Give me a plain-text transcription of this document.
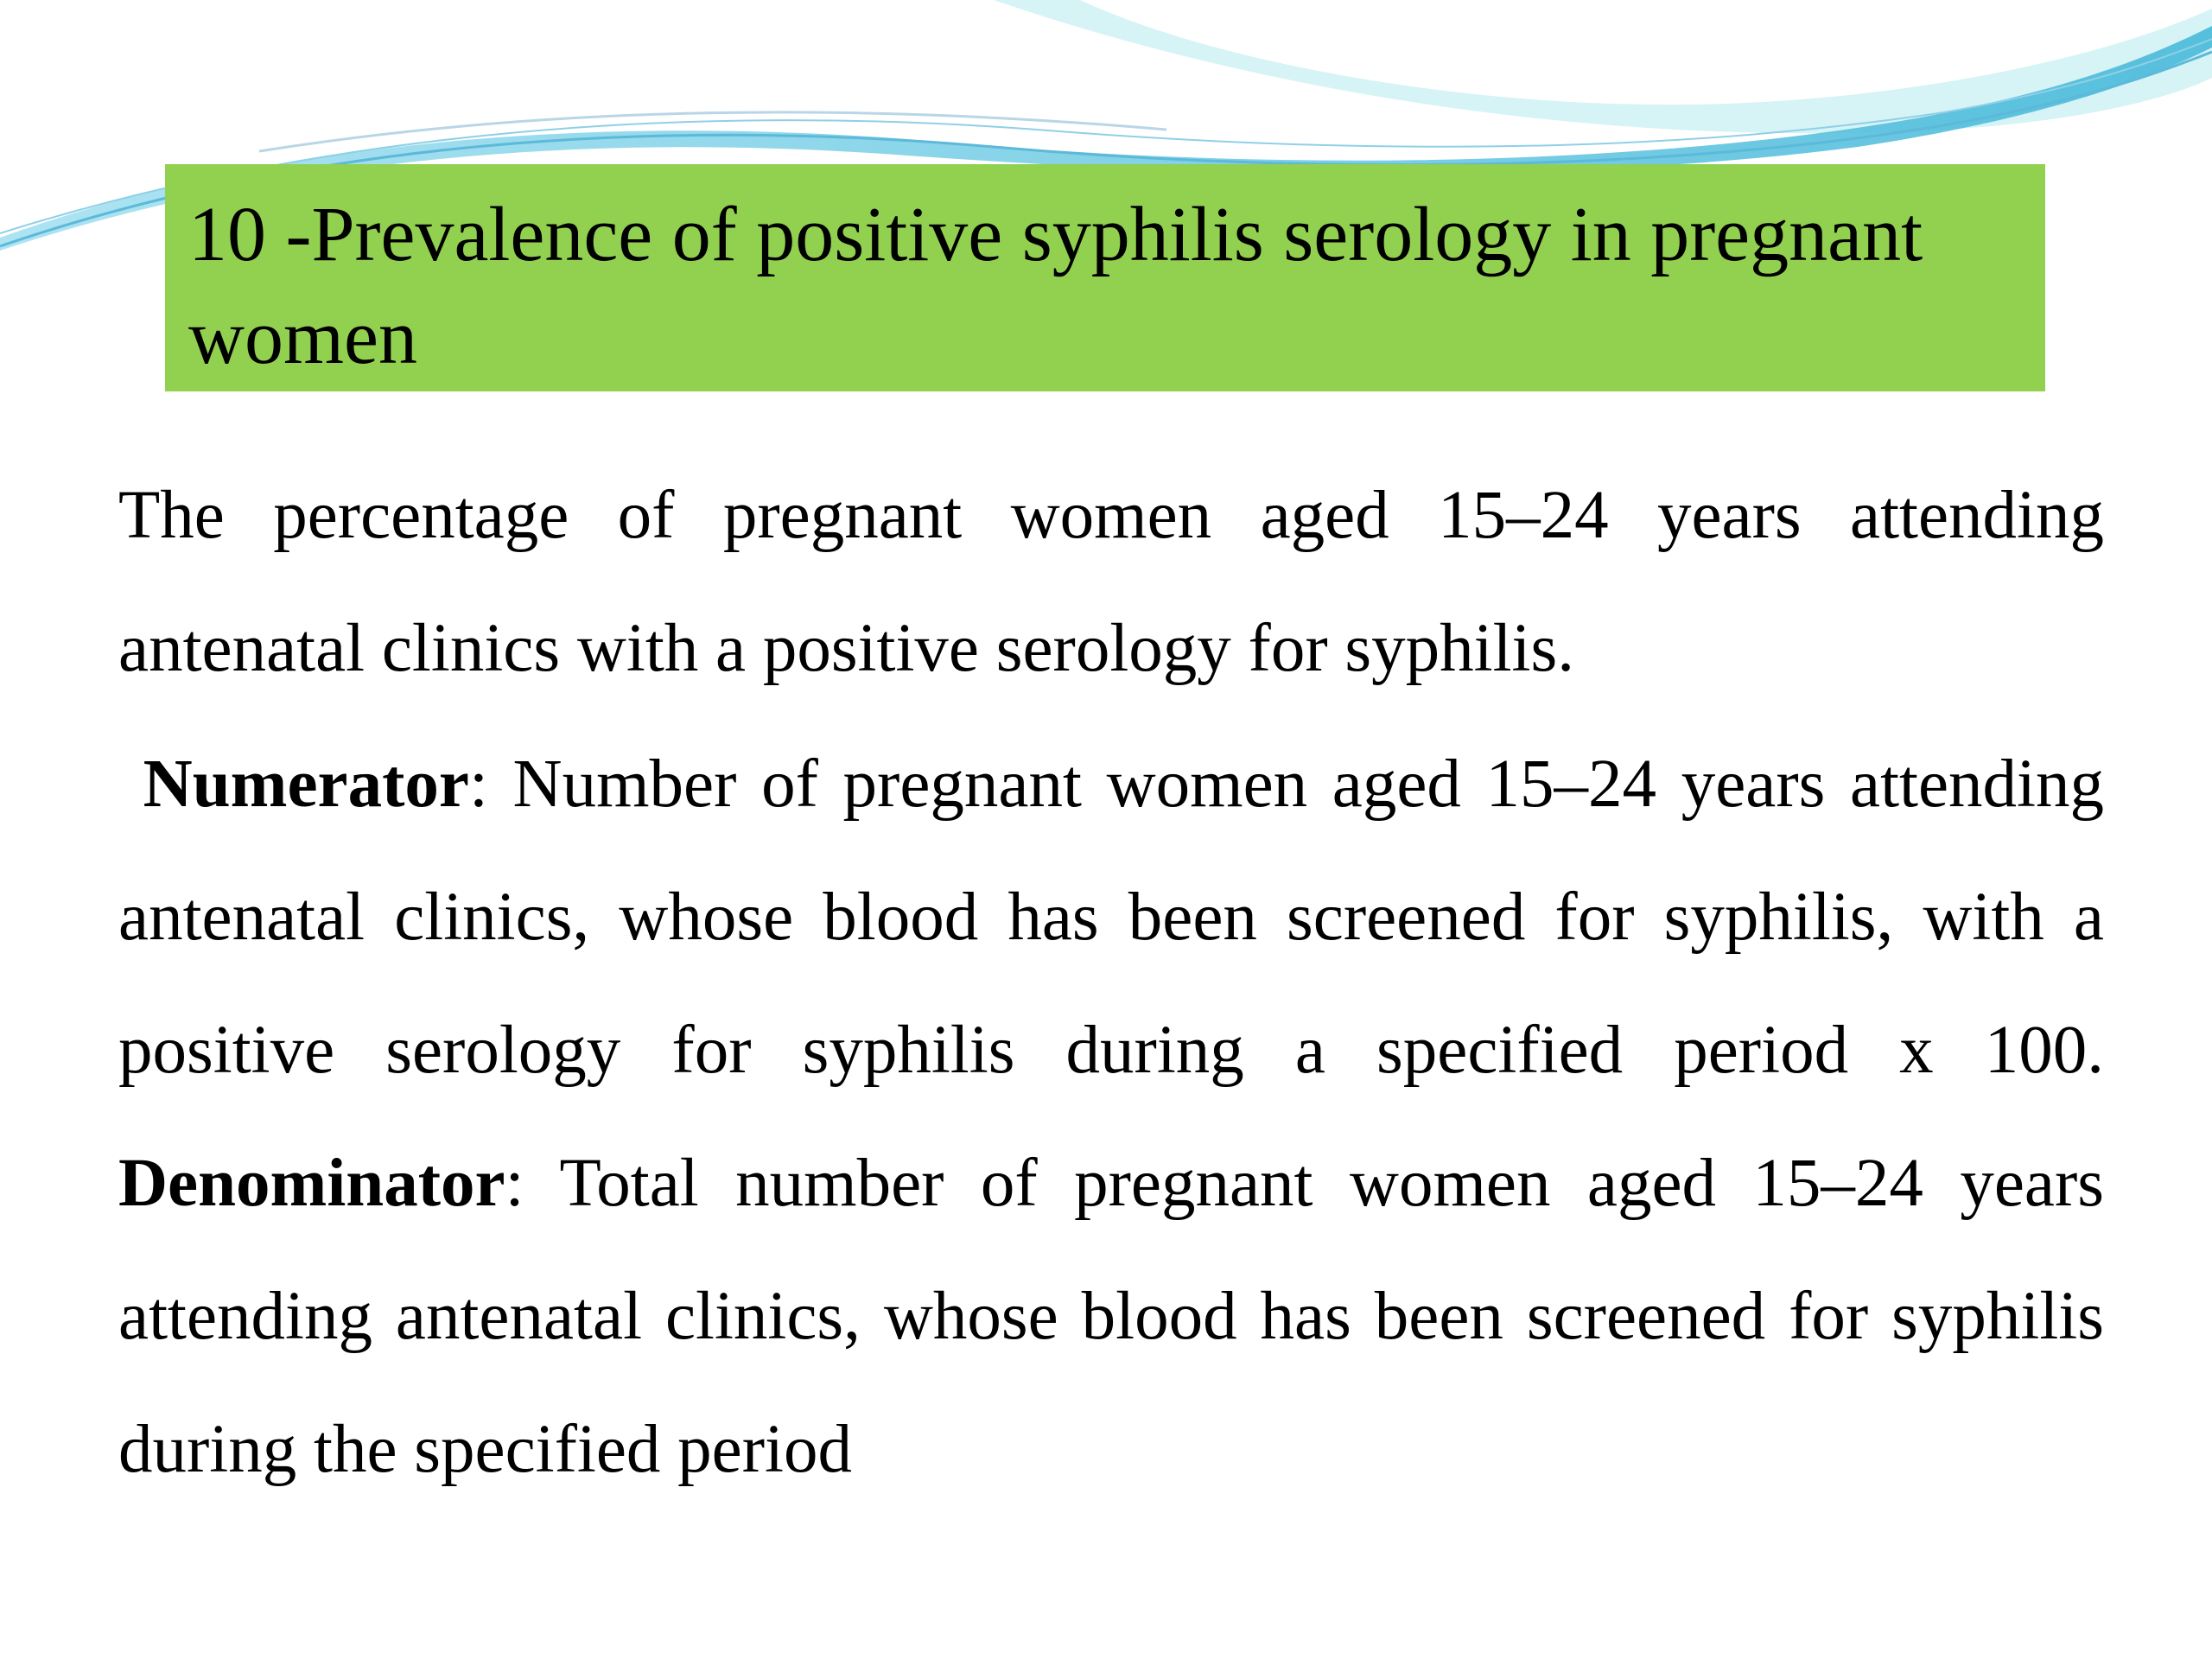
10 -Prevalence of positive syphilis serology in pregnant women

The percentage of pregnant women aged 15–24 years attending antenatal clinics with a positive serology for syphilis.

Numerator: Number of pregnant women aged 15–24 years attending antenatal clinics, whose blood has been screened for syphilis, with a positive serology for syphilis during a specified period x 100. Denominator: Total number of pregnant women aged 15–24 years attending antenatal clinics, whose blood has been screened for syphilis during the specified period
